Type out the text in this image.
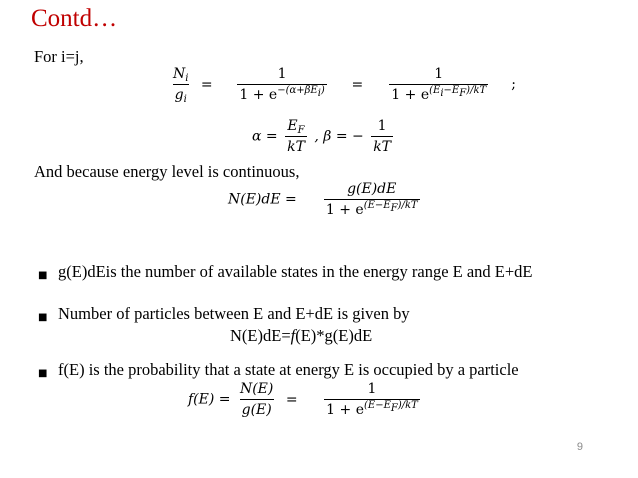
Contd…
For i=j,
$\frac{N_i}{g_i} = \frac{1}{1 + e^{-(\alpha+\beta E_i)}} = \frac{1}{1 + e^{(E_i-E_F)/kT}}$ ;
$\alpha = \frac{E_F}{kT}$ , β = − $\frac{1}{kT}$
And because energy level is continuous,
$N(E)dE = \frac{g(E)dE}{1 + e^{(E-E_F)/kT}}$
■ g(E)dEis the number of available states in the energy range E and E+dE
■ Number of particles between E and E+dE is given by
N(E)dE=f(E)*g(E)dE
■ f(E) is the probability that a state at energy E is occupied by a particle
$f(E) = \frac{N(E)}{g(E)} = \frac{1}{1 + e^{(E-E_F)/kT}}$
9
